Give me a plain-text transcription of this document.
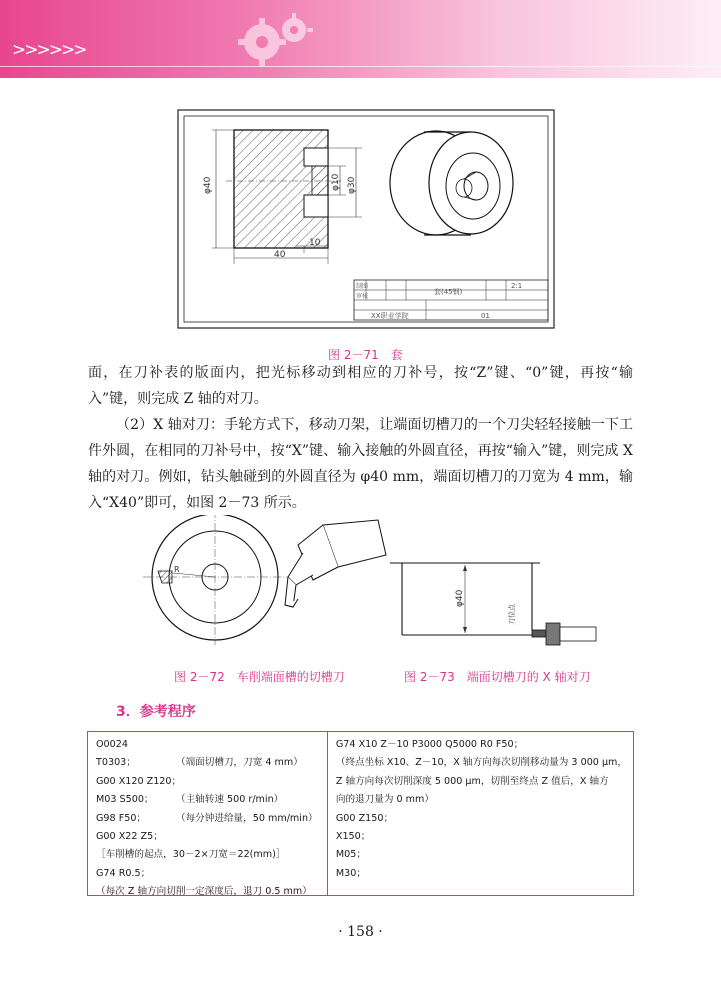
>>>>>>
φ40	φ10 φ30
10
40
制图
审核
套(45钢)
2:1
XX职业学院	01
图 2－71　套
面，在刀补表的版面内，把光标移动到相应的刀补号，按“Z”键、“0”键，再按“输入”键，则完成 Z 轴的对刀。
（2）X 轴对刀：手轮方式下，移动刀架，让端面切槽刀的一个刀尖轻轻接触一下工件外圆，在相同的刀补号中，按“X”键、输入接触的外圆直径，再按“输入”键，则完成 X 轴的对刀。例如，钻头触碰到的外圆直径为 φ40 mm，端面切槽刀的刀宽为 4 mm，输入“X40”即可，如图 2－73 所示。
R
图 2－72　车削端面槽的切槽刀
φ40
刀位点
图 2－73　端面切槽刀的 X 轴对刀
3．参考程序
O0024
T0303；	（端面切槽刀，刀宽 4 mm）
G00 X120 Z120；
M03 S500；	（主轴转速 500 r/min）
G98 F50；	（每分钟进给量，50 mm/min）
G00 X22 Z5；
［车削槽的起点，30－2×刀宽＝22(mm)］
G74 R0.5；
（每次 Z 轴方向切削一定深度后，退刀 0.5 mm）
G74 X10 Z－10 P3000 Q5000 R0 F50；
（终点坐标 X10、Z－10，X 轴方向每次切削移动量为 3 000 μm，
Z 轴方向每次切削深度 5 000 μm，切削至终点 Z 值后，X 轴方
向的退刀量为 0 mm）
G00 Z150；
X150；
M05；
M30；
· 158 ·
